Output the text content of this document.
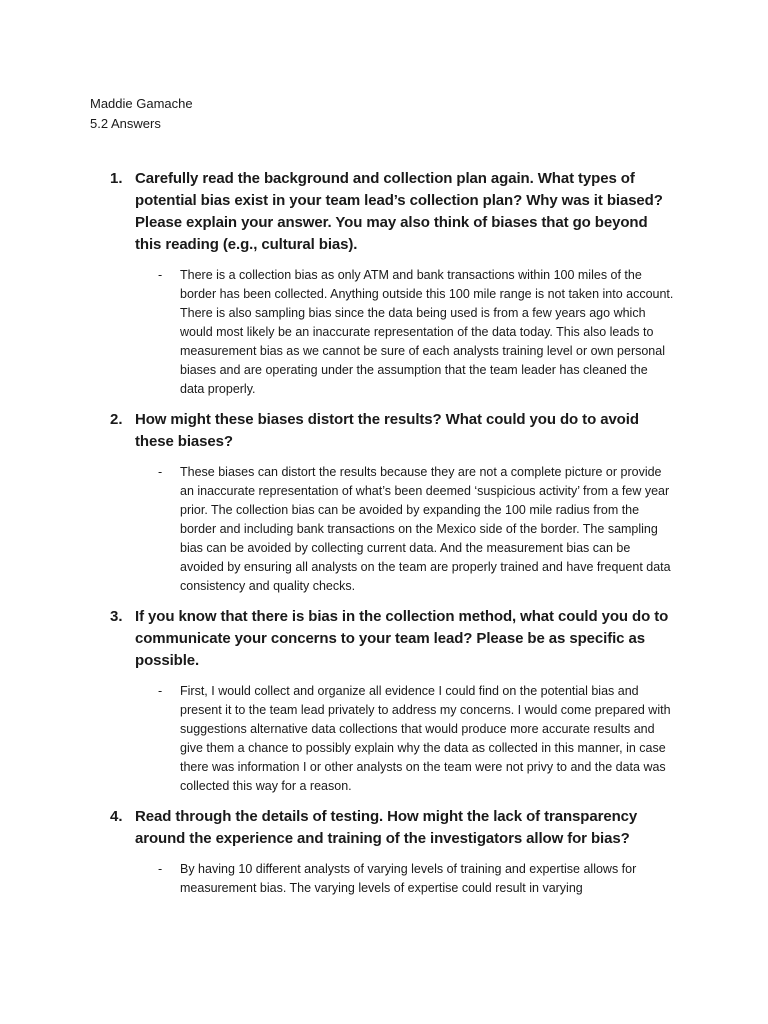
Maddie Gamache
5.2 Answers
1. Carefully read the background and collection plan again. What types of potential bias exist in your team lead’s collection plan? Why was it biased? Please explain your answer. You may also think of biases that go beyond this reading (e.g., cultural bias).
- There is a collection bias as only ATM and bank transactions within 100 miles of the border has been collected. Anything outside this 100 mile range is not taken into account. There is also sampling bias since the data being used is from a few years ago which would most likely be an inaccurate representation of the data today. This also leads to measurement bias as we cannot be sure of each analysts training level or own personal biases and are operating under the assumption that the team leader has cleaned the data properly.
2. How might these biases distort the results? What could you do to avoid these biases?
- These biases can distort the results because they are not a complete picture or provide an inaccurate representation of what’s been deemed ‘suspicious activity’ from a few year prior. The collection bias can be avoided by expanding the 100 mile radius from the border and including bank transactions on the Mexico side of the border. The sampling bias can be avoided by collecting current data. And the measurement bias can be avoided by ensuring all analysts on the team are properly trained and have frequent data consistency and quality checks.
3. If you know that there is bias in the collection method, what could you do to communicate your concerns to your team lead? Please be as specific as possible.
- First, I would collect and organize all evidence I could find on the potential bias and present it to the team lead privately to address my concerns. I would come prepared with suggestions alternative data collections that would produce more accurate results and give them a chance to possibly explain why the data as collected in this manner, in case there was information I or other analysts on the team were not privy to and the data was collected this way for a reason.
4. Read through the details of testing. How might the lack of transparency around the experience and training of the investigators allow for bias?
- By having 10 different analysts of varying levels of training and expertise allows for measurement bias. The varying levels of expertise could result in varying
